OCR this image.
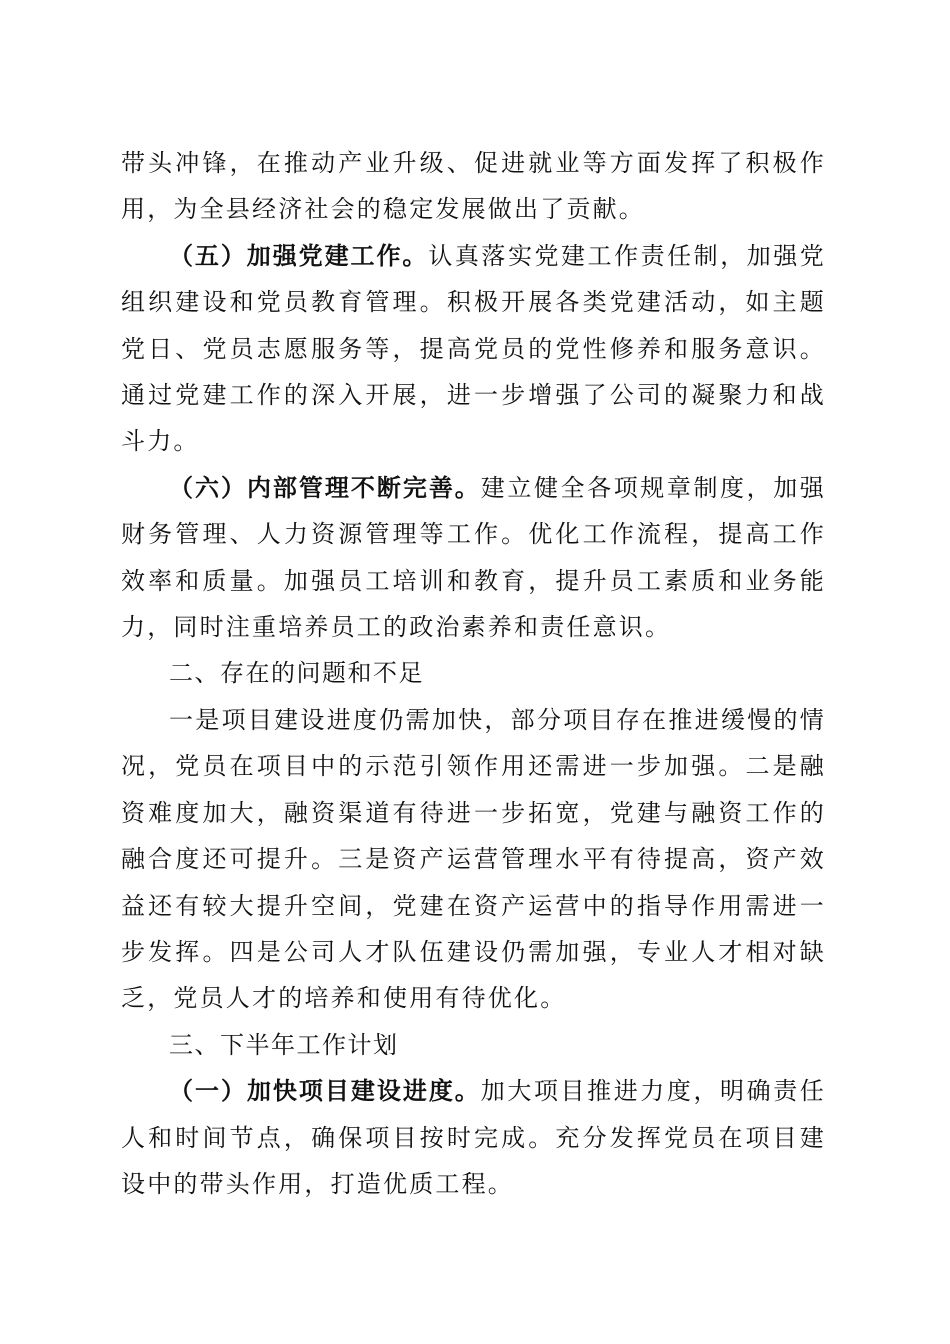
带头冲锋，在推动产业升级、促进就业等方面发挥了积极作用，为全县经济社会的稳定发展做出了贡献。

（五）加强党建工作。认真落实党建工作责任制，加强党组织建设和党员教育管理。积极开展各类党建活动，如主题党日、党员志愿服务等，提高党员的党性修养和服务意识。通过党建工作的深入开展，进一步增强了公司的凝聚力和战斗力。

（六）内部管理不断完善。建立健全各项规章制度，加强财务管理、人力资源管理等工作。优化工作流程，提高工作效率和质量。加强员工培训和教育，提升员工素质和业务能力，同时注重培养员工的政治素养和责任意识。

二、存在的问题和不足

一是项目建设进度仍需加快，部分项目存在推进缓慢的情况，党员在项目中的示范引领作用还需进一步加强。二是融资难度加大，融资渠道有待进一步拓宽，党建与融资工作的融合度还可提升。三是资产运营管理水平有待提高，资产效益还有较大提升空间，党建在资产运营中的指导作用需进一步发挥。四是公司人才队伍建设仍需加强，专业人才相对缺乏，党员人才的培养和使用有待优化。

三、下半年工作计划

（一）加快项目建设进度。加大项目推进力度，明确责任人和时间节点，确保项目按时完成。充分发挥党员在项目建设中的带头作用，打造优质工程。
